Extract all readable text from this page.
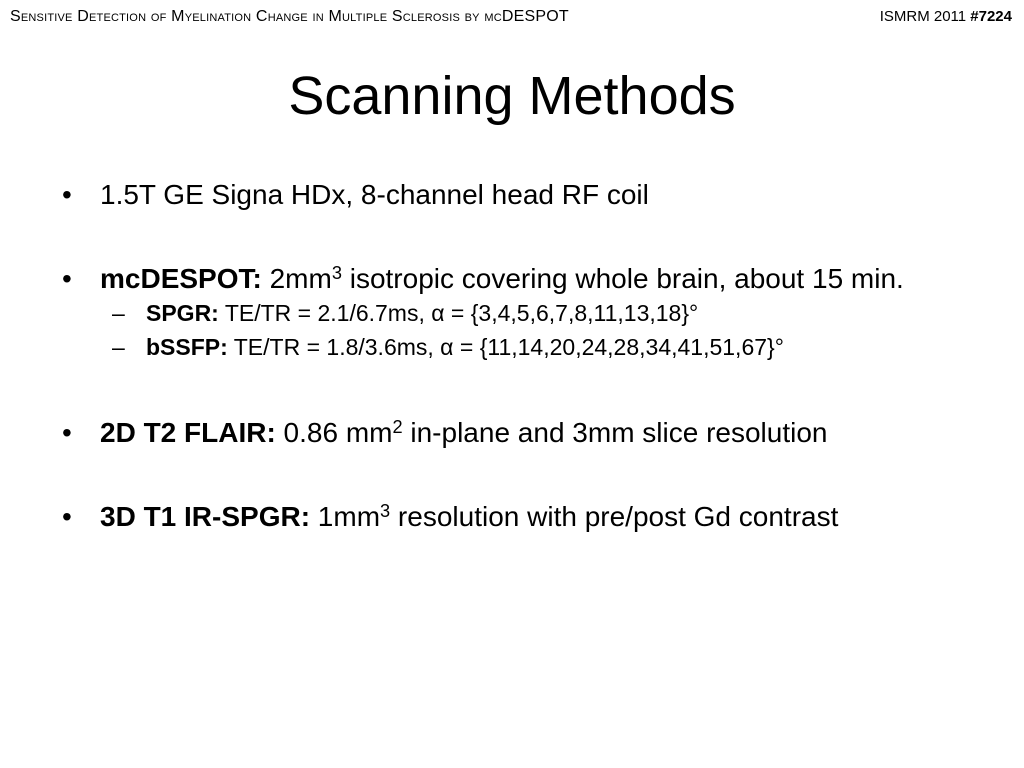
Sensitive Detection of Myelination Change in Multiple Sclerosis by mcDESPOT	ISMRM 2011 #7224
Scanning Methods
•	1.5T GE Signa HDx, 8-channel head RF coil
•	mcDESPOT: $2mm^3$ isotropic covering whole brain, about 15 min.
– SPGR: TE/TR = 2.1/6.7ms, α = {3,4,5,6,7,8,11,13,18}°
– bSSFP: TE/TR = 1.8/3.6ms, α = {11,14,20,24,28,34,41,51,67}°
•	2D T2 FLAIR: 0.86 $mm^2$ in-plane and 3mm slice resolution
•	3D T1 IR-SPGR: $1mm^3$ resolution with pre/post Gd contrast
